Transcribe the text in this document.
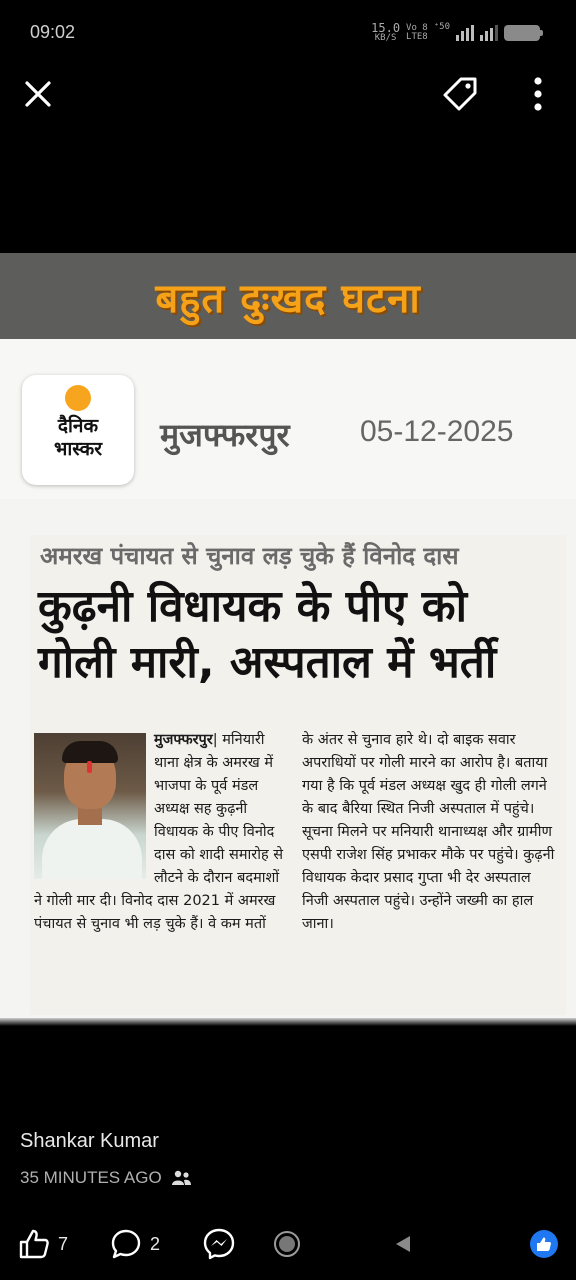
09:02	15.0
KB/S
Vo 8
LTE8
⁺50
बहुत दुःखद घटना
दैनिक
भास्कर	मुजफ्फरपुर 05-12-2025
अमरख पंचायत से चुनाव लड़ चुके हैं विनोद दास
कुढ़नी विधायक के पीए को गोली मारी, अस्पताल में भर्ती
मुजफ्फरपुर|
मनियारी थाना क्षेत्र के अमरख में भाजपा के पूर्व मंडल अध्यक्ष सह कुढ़नी विधायक के पीए विनोद दास को शादी समारोह से लौटने के दौरान बदमाशों ने गोली मार दी। विनोद दास 2021 में अमरख पंचायत से चुनाव भी लड़ चुके हैं। वे कम मतों
के अंतर से चुनाव हारे थे। दो बाइक सवार अपराधियों पर गोली मारने का आरोप है। बताया गया है कि पूर्व मंडल अध्यक्ष खुद ही गोली लगने के बाद बैरिया स्थित निजी अस्पताल में पहुंचे। सूचना मिलने पर मनियारी थानाध्यक्ष और ग्रामीण एसपी राजेश सिंह प्रभाकर मौके पर पहुंचे। कुढ़नी विधायक केदार प्रसाद गुप्ता भी देर अस्पताल निजी अस्पताल पहुंचे। उन्होंने जख्मी का हाल जाना।
Shankar Kumar
35 MINUTES AGO
7	2
